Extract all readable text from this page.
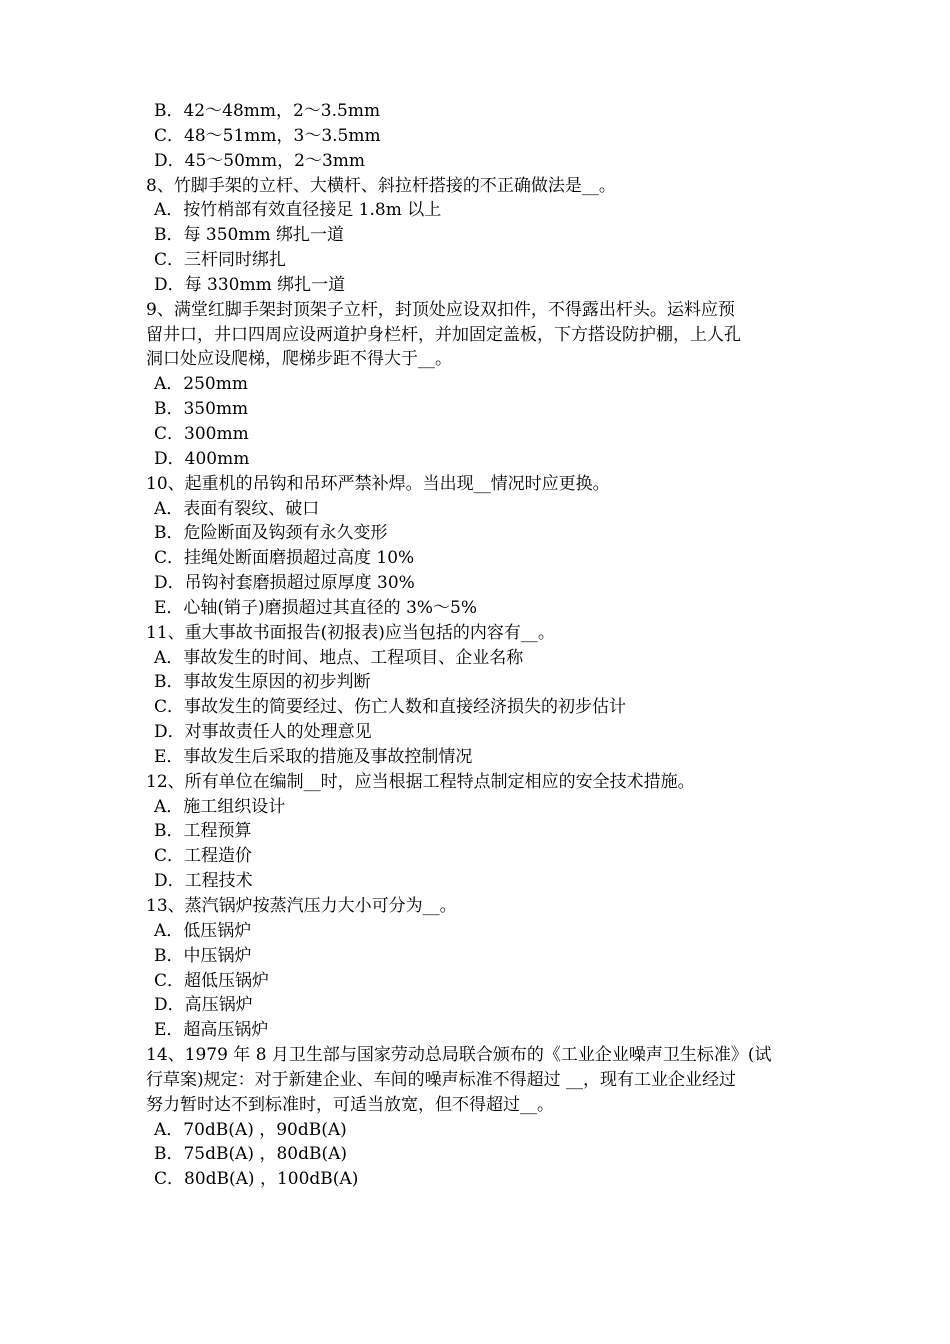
B．42～48mm，2～3.5mm
C．48～51mm，3～3.5mm
D．45～50mm，2～3mm
8、竹脚手架的立杆、大横杆、斜拉杆搭接的不正确做法是__。
A．按竹梢部有效直径接足 1.8m 以上
B．每 350mm 绑扎一道
C．三杆同时绑扎
D．每 330mm 绑扎一道
9、满堂红脚手架封顶架子立杆，封顶处应设双扣件，不得露出杆头。运料应预
留井口，井口四周应设两道护身栏杆，并加固定盖板，下方搭设防护棚，上人孔
洞口处应设爬梯，爬梯步距不得大于__。
A．250mm
B．350mm
C．300mm
D．400mm
10、起重机的吊钩和吊环严禁补焊。当出现__情况时应更换。
A．表面有裂纹、破口
B．危险断面及钩颈有永久变形
C．挂绳处断面磨损超过高度 10%
D．吊钩衬套磨损超过原厚度 30%
E．心轴(销子)磨损超过其直径的 3%～5%
11、重大事故书面报告(初报表)应当包括的内容有__。
A．事故发生的时间、地点、工程项目、企业名称
B．事故发生原因的初步判断
C．事故发生的简要经过、伤亡人数和直接经济损失的初步估计
D．对事故责任人的处理意见
E．事故发生后采取的措施及事故控制情况
12、所有单位在编制__时，应当根据工程特点制定相应的安全技术措施。
A．施工组织设计
B．工程预算
C．工程造价
D．工程技术
13、蒸汽锅炉按蒸汽压力大小可分为__。
A．低压锅炉
B．中压锅炉
C．超低压锅炉
D．高压锅炉
E．超高压锅炉
14、1979 年 8 月卫生部与国家劳动总局联合颁布的《工业企业噪声卫生标准》(试
行草案)规定：对于新建企业、车间的噪声标准不得超过 __，现有工业企业经过
努力暂时达不到标准时，可适当放宽，但不得超过__。
A．70dB(A) ，90dB(A)
B．75dB(A) ，80dB(A)
C．80dB(A) ，100dB(A)
